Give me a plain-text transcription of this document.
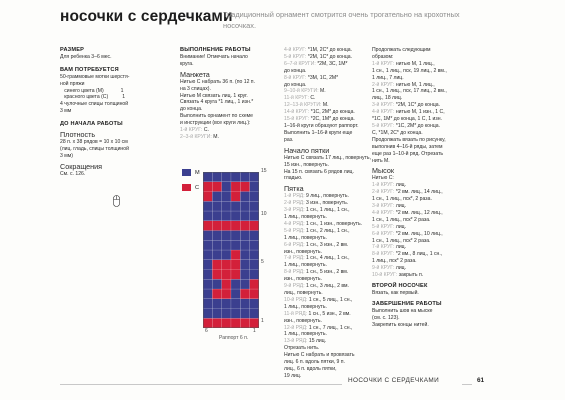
носочки с сердечками
Традиционный орнамент смотрится очень трогательно на крохотных носочках.
РАЗМЕР
Для ребенка 3–6 мес.
ВАМ ПОТРЕБУЕТСЯ
50-граммовые мотки шерстя-
ной пряжи
синего цвета (М)            1
красного цвета (С)          1
4 чулочные спицы толщиной
3 мм
ДО НАЧАЛА РАБОТЫ
Плотность
28 п. х 38 рядов = 10 х 10 см
(лиц. гладь, спицы толщиной
3 мм)
Сокращения
См. с. 126.
ВЫПОЛНЕНИЕ РАБОТЫ
Внимание! Отмечать начало
круга.
Манжета
Нитью С набрать 36 п. (по 12 п.
на 3 спицах).
Нитью М связать лиц. 1 круг.
Связать 4 круга *1 лиц., 1 изн.*
до конца.
Выполнить орнамент по схеме
и инструкции (все круги лиц.):
1-й КРУГ: С.
2–3-й КРУГИ: М.
М
С
15
10
5
1
6	1
Раппорт 6 п.
4-й КРУГ: *1М, 2С* до конца.
5-й КРУГ: *2М, 1С* до конца.
6–7-й КРУГИ: *2М, 3С, 1М*
до конца.
8-й КРУГ: *3М, 1С, 2М*
до конца.
9–10-й КРУГИ: М.
11-й КРУГ: С.
12–13-й КРУГИ: М.
14-й КРУГ: *1С, 2М* до конца.
15-й КРУГ: *2С, 1М* до конца.
1–16-й круги образуют раппорт.
Выполнить 1–16-й круги еще
раз.
Начало пятки
Нитью С связать 17 лиц., повернуть,
15 изн., повернуть.
На 15 п. связать 6 рядов лиц.
гладью.
Пятка
1-й РЯД: 9 лиц., повернуть.
2-й РЯД: 3 изн., повернуть.
3-й РЯД: 1 сн., 1 лиц., 1 сн.,
1 лиц., повернуть.
4-й РЯД: 1 сн., 1 изн., повернуть.
5-й РЯД: 1 сн., 2 лиц., 1 сн.,
1 лиц., повернуть.
6-й РЯД: 1 сн., 3 изн., 2 вм.
изн., повернуть.
7-й РЯД: 1 сн., 4 лиц., 1 сн.,
1 лиц., повернуть.
8-й РЯД: 1 сн., 5 изн., 2 вм.
изн., повернуть.
9-й РЯД: 1 сн., 3 лиц., 2 вм.
лиц., повернуть.
10-й РЯД: 1 сн., 5 лиц., 1 сн.,
1 лиц., повернуть.
11-й РЯД: 1 сн., 5 изн., 2 вм.
изн., повернуть.
12-й РЯД: 1 сн., 7 лиц., 1 сн.,
1 лиц., повернуть.
13-й РЯД: 15 лиц.
Отрезать нить.
Нитью С набрать и провязать
лиц. 6 п. вдоль пятки, 9 п.
лиц., 6 п. вдоль пятки,
19 лиц.
Продолжать следующим
образом:
1-й КРУГ: нитью М, 1 лиц.,
1 сн., 1 лиц., пск, 19 лиц., 2 вм.,
1 лиц., 7 лиц.
2-й КРУГ: нитью М, 1 лиц.,
1 сн., 1 лиц., пск, 17 лиц., 2 вм.,
лиц., 18 лиц.
3-й КРУГ: *2М, 1С* до конца.
4-й КРУГ: нитью М, 1 изн., 1 С,
*1С, 1М* до конца, 1 С, 1 изн.
5-й КРУГ: *1С, 2М* до конца.
С, *1М, 2С* до конца.
Продолжать вязать по рисунку,
выполнив 4–16-й ряды, затем
еще раз 1–10-й ряд. Отрезать
нить М.
Мысок
Нитью С:
1-й КРУГ: лиц.
2-й КРУГ: *2 вм. лиц., 14 лиц.,
1 сн., 1 лиц., пск*, 2 раза.
3-й КРУГ: лиц.
4-й КРУГ: *2 вм. лиц., 12 лиц.,
1 сн., 1 лиц., пск* 2 раза.
5-й КРУГ: лиц.
6-й КРУГ: *2 вм. лиц., 10 лиц.,
1 сн., 1 лиц., пск* 2 раза.
7-й КРУГ: лиц.
8-й КРУГ: *2 вм., 8 лиц., 1 сн.,
1 лиц., пск* 2 раза.
9-й КРУГ: лиц.
10-й КРУГ: закрыть п.
ВТОРОЙ НОСОЧЕК
Вязать, как первый.
ЗАВЕРШЕНИЕ РАБОТЫ
Выполнить шов на мыске
(см. с. 123).
Закрепить концы нитей.
НОСОЧКИ С СЕРДЕЧКАМИ	61
